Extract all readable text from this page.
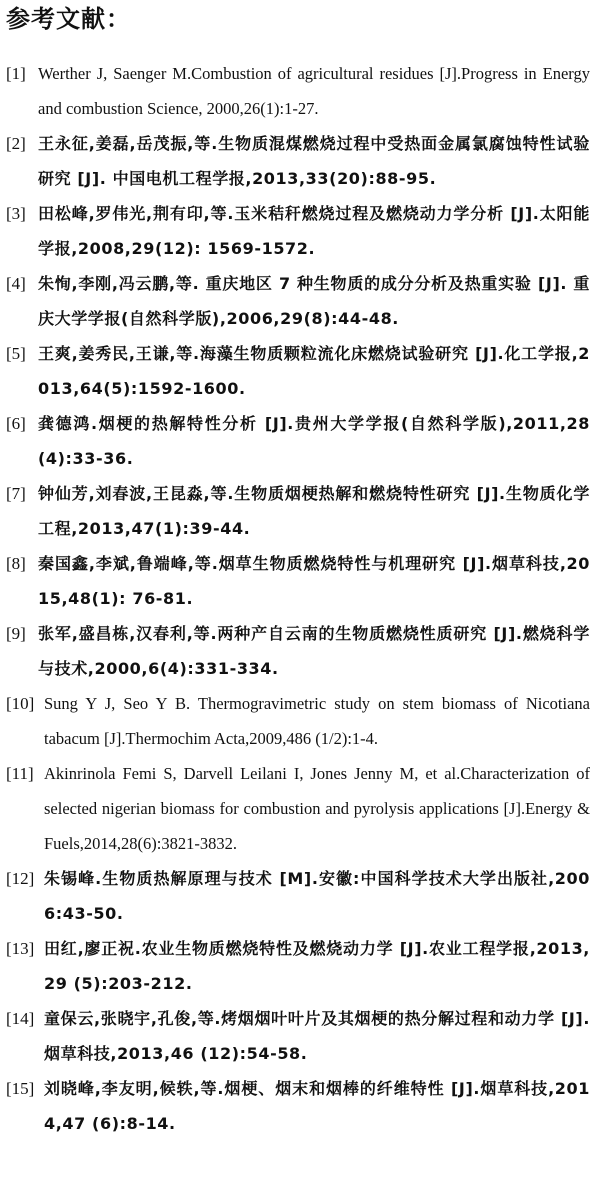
参考文献：
[1] Werther J, Saenger M.Combustion of agricultural residues [J].Progress in Energy and combustion Science, 2000,26(1):1-27.
[2] 王永征,姜磊,岳茂振,等.生物质混煤燃烧过程中受热面金属氯腐蚀特性试验研究 [J]. 中国电机工程学报,2013,33(20):88-95.
[3] 田松峰,罗伟光,荆有印,等.玉米秸秆燃烧过程及燃烧动力学分析 [J].太阳能学报,2008,29(12): 1569-1572.
[4] 朱恂,李刚,冯云鹏,等. 重庆地区 7 种生物质的成分分析及热重实验 [J]. 重庆大学学报(自然科学版),2006,29(8):44-48.
[5] 王爽,姜秀民,王谦,等.海藻生物质颗粒流化床燃烧试验研究 [J].化工学报,2013,64(5):1592-1600.
[6] 龚德鸿.烟梗的热解特性分析 [J].贵州大学学报(自然科学版),2011,28(4):33-36.
[7] 钟仙芳,刘春波,王昆淼,等.生物质烟梗热解和燃烧特性研究 [J].生物质化学工程,2013,47(1):39-44.
[8] 秦国鑫,李斌,鲁端峰,等.烟草生物质燃烧特性与机理研究 [J].烟草科技,2015,48(1): 76-81.
[9] 张军,盛昌栋,汉春利,等.两种产自云南的生物质燃烧性质研究 [J].燃烧科学与技术,2000,6(4):331-334.
[10] Sung Y J, Seo Y B. Thermogravimetric study on stem biomass of Nicotiana tabacum [J].Thermochim Acta,2009,486 (1/2):1-4.
[11] Akinrinola Femi S, Darvell Leilani I, Jones Jenny M, et al.Characterization of selected nigerian biomass for combustion and pyrolysis applications [J].Energy & Fuels,2014,28(6):3821-3832.
[12] 朱锡峰.生物质热解原理与技术 [M].安徽:中国科学技术大学出版社,2006:43-50.
[13] 田红,廖正祝.农业生物质燃烧特性及燃烧动力学 [J].农业工程学报,2013,29 (5):203-212.
[14] 童保云,张晓宇,孔俊,等.烤烟烟叶叶片及其烟梗的热分解过程和动力学 [J].烟草科技,2013,46 (12):54-58.
[15] 刘晓峰,李友明,候轶,等.烟梗、烟末和烟棒的纤维特性 [J].烟草科技,2014,47 (6):8-14.
